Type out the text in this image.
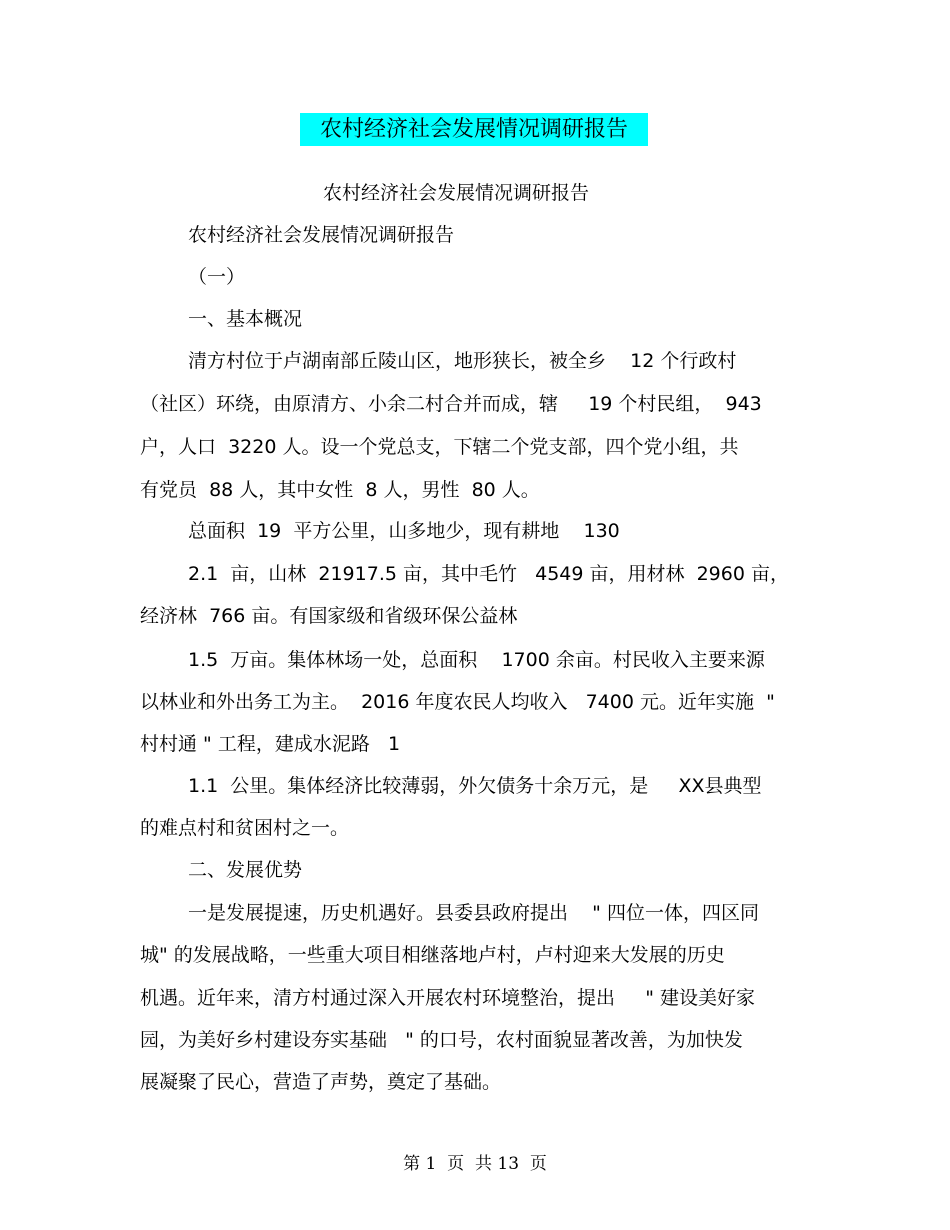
农村经济社会发展情况调研报告
农村经济社会发展情况调研报告
农村经济社会发展情况调研报告
（一）
一、基本概况
清方村位于卢湖南部丘陵山区，地形狭长，被全乡    12 个行政村
（社区）环绕，由原清方、小余二村合并而成，辖     19 个村民组，  943
户，人口  3220 人。设一个党总支，下辖二个党支部，四个党小组，共
有党员  88 人，其中女性  8 人，男性  80 人。
总面积  19  平方公里，山多地少，现有耕地    130
2.1  亩，山林  21917.5 亩，其中毛竹   4549 亩，用材林  2960 亩，
经济林  766 亩。有国家级和省级环保公益林
1.5  万亩。集体林场一处，总面积    1700 余亩。村民收入主要来源
以林业和外出务工为主。  2016 年度农民人均收入   7400 元。近年实施  "
村村通 " 工程，建成水泥路   1
1.1  公里。集体经济比较薄弱，外欠债务十余万元，是     XX县典型
的难点村和贫困村之一。
二、发展优势
一是发展提速，历史机遇好。县委县政府提出    " 四位一体，四区同
城" 的发展战略，一些重大项目相继落地卢村，卢村迎来大发展的历史
机遇。近年来，清方村通过深入开展农村环境整治，提出     " 建设美好家
园，为美好乡村建设夯实基础   " 的口号，农村面貌显著改善，为加快发
展凝聚了民心，营造了声势，奠定了基础。
第 1  页  共 13  页
